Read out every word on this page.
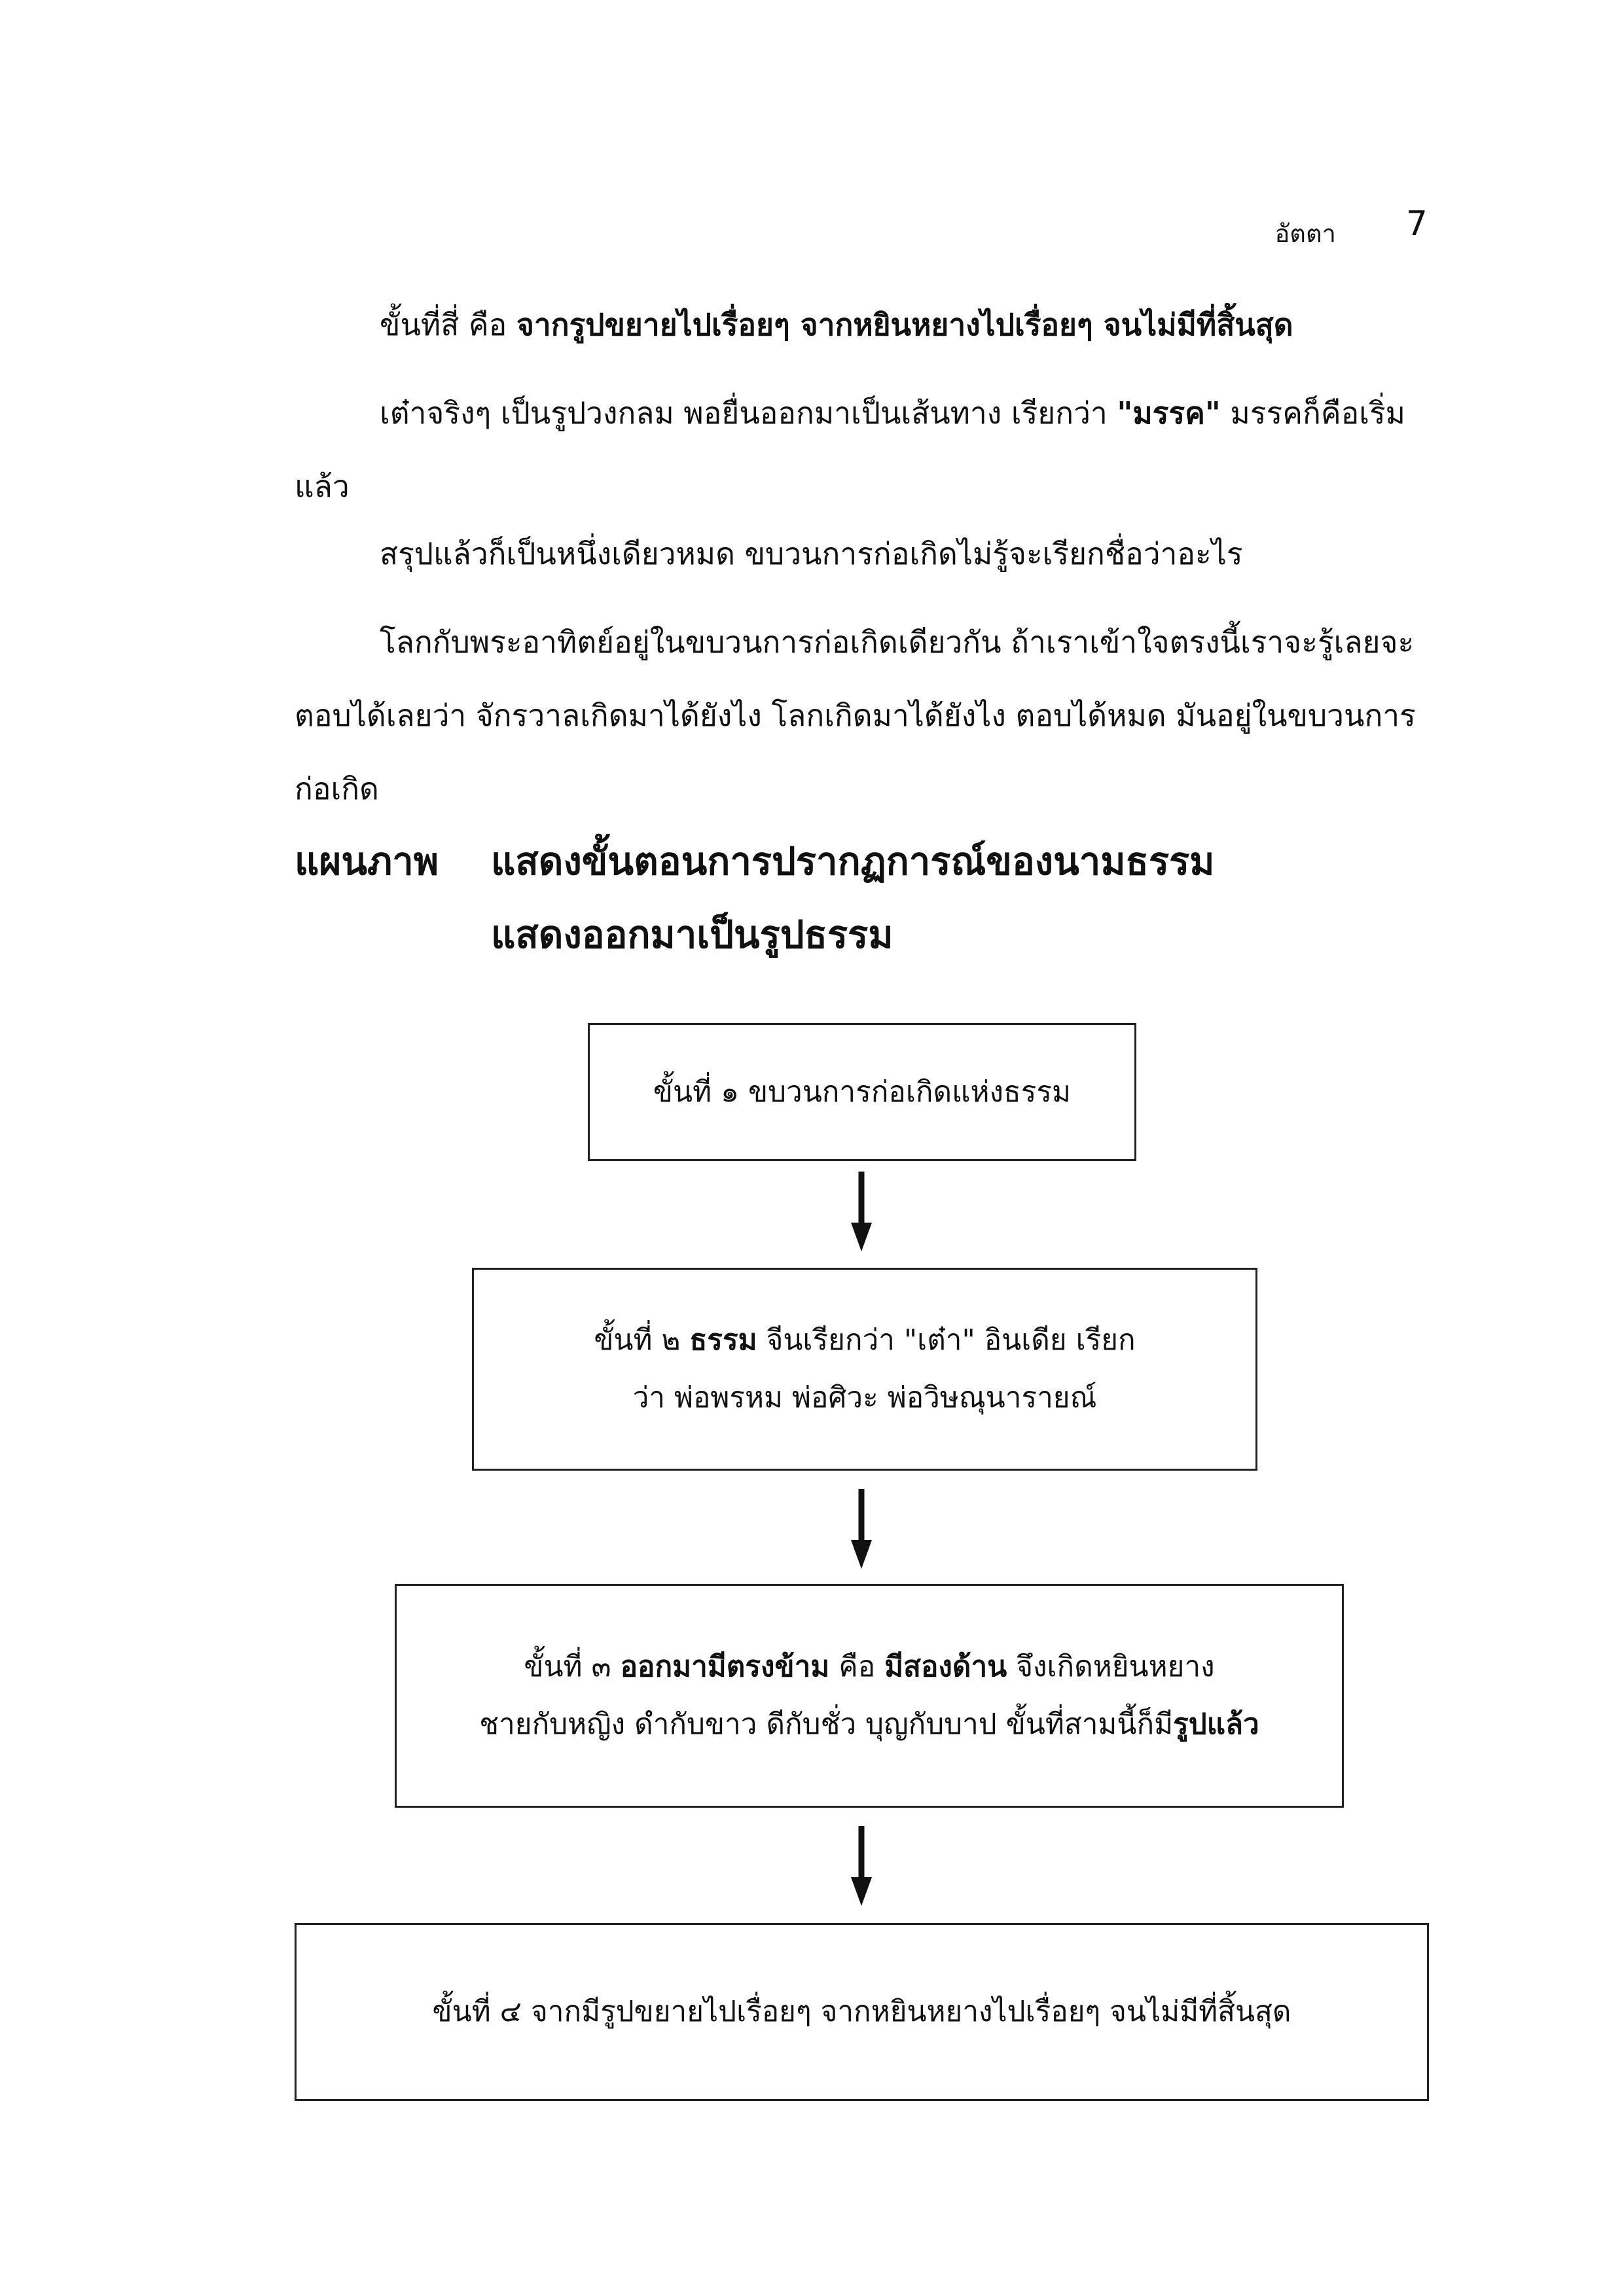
อัตตา 7

ขั้นที่สี่ คือ จากรูปขยายไปเรื่อยๆ จากหยินหยางไปเรื่อยๆ จนไม่มีที่สิ้นสุด

เต๋าจริงๆ เป็นรูปวงกลม พอยื่นออกมาเป็นเส้นทาง เรียกว่า "มรรค" มรรคก็คือเริ่มแล้ว

สรุปแล้วก็เป็นหนึ่งเดียวหมด ขบวนการก่อเกิดไม่รู้จะเรียกชื่อว่าอะไร

โลกกับพระอาทิตย์อยู่ในขบวนการก่อเกิดเดียวกัน ถ้าเราเข้าใจตรงนี้เราจะรู้เลยจะตอบได้เลยว่า จักรวาลเกิดมาได้ยังไง โลกเกิดมาได้ยังไง ตอบได้หมด มันอยู่ในขบวนการก่อเกิด

แผนภาพ แสดงขั้นตอนการปรากฏการณ์ของนามธรรม
แสดงออกมาเป็นรูปธรรม
ขั้นที่ ๑ ขบวนการก่อเกิดแห่งธรรม
ขั้นที่ ๒ ธรรม จีนเรียกว่า "เต๋า" อินเดีย เรียก
ว่า พ่อพรหม พ่อศิวะ พ่อวิษณุนารายณ์
ขั้นที่ ๓ ออกมามีตรงข้าม คือ มีสองด้าน จึงเกิดหยินหยาง
ชายกับหญิง ดำกับขาว ดีกับชั่ว บุญกับบาป ขั้นที่สามนี้ก็มีรูปแล้ว
ขั้นที่ ๔ จากมีรูปขยายไปเรื่อยๆ จากหยินหยางไปเรื่อยๆ จนไม่มีที่สิ้นสุด
